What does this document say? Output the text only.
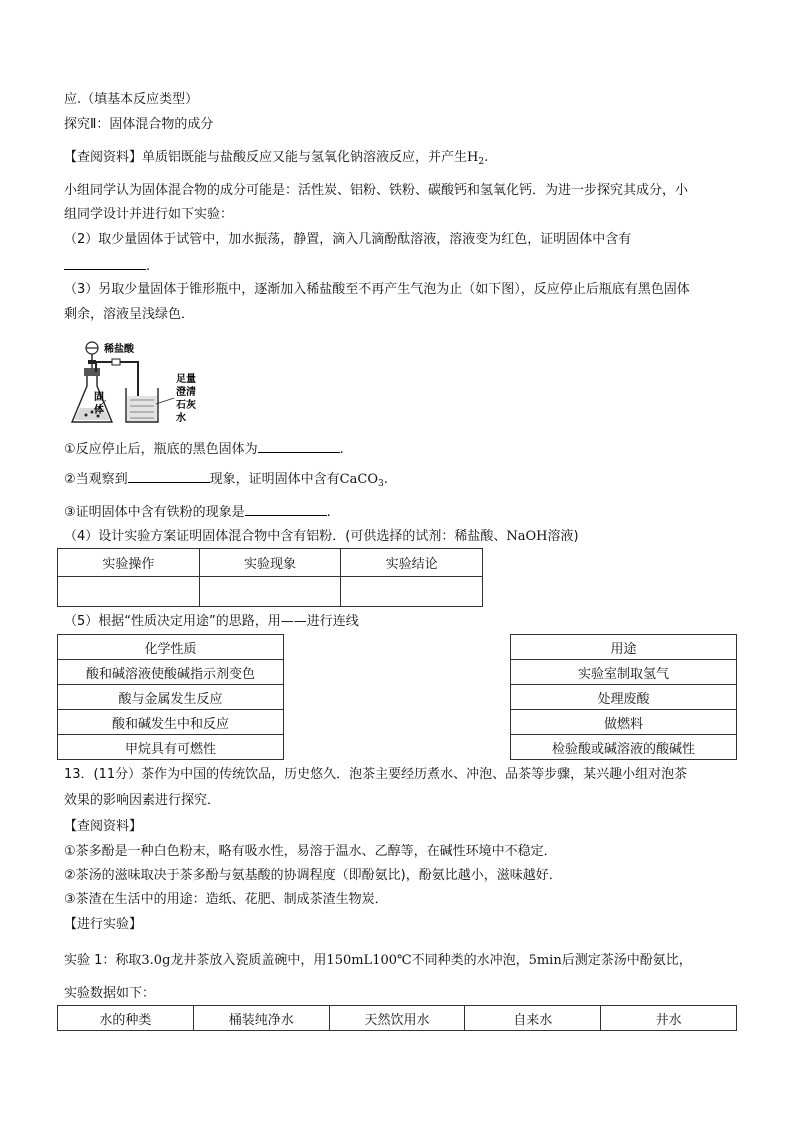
应.（填基本反应类型）
探究Ⅱ：固体混合物的成分
【查阅资料】单质铝既能与盐酸反应又能与氢氧化钠溶液反应，并产生$H_2$.
小组同学认为固体混合物的成分可能是：活性炭、铝粉、铁粉、碳酸钙和氢氧化钙．为进一步探究其成分，小
组同学设计并进行如下实验：
（2）取少量固体于试管中，加水振荡，静置，滴入几滴酚酞溶液，溶液变为红色，证明固体中含有
.
（3）另取少量固体于锥形瓶中，逐渐加入稀盐酸至不再产生气泡为止（如下图），反应停止后瓶底有黑色固体
剩余，溶液呈浅绿色．
稀盐酸
固
体
足量
澄清
石灰
水
①反应停止后，瓶底的黑色固体为	.
②当观察到	现象，证明固体中含有CaCO$_3$.
③证明固体中含有铁粉的现象是	.
（4）设计实验方案证明固体混合物中含有铝粉．(可供选择的试剂：稀盐酸、NaOH溶液)
实验操作	实验现象	实验结论

（5）根据“性质决定用途”的思路，用——进行连线
化学性质
酸和碱溶液使酸碱指示剂变色
酸与金属发生反应
酸和碱发生中和反应
甲烷具有可燃性
用途
实验室制取氢气
处理废酸
做燃料
检验酸或碱溶液的酸碱性
13．(11分）茶作为中国的传统饮品，历史悠久．泡茶主要经历煮水、冲泡、品茶等步骤，某兴趣小组对泡茶
效果的影响因素进行探究．
【查阅资料】
①茶多酚是一种白色粉末，略有吸水性，易溶于温水、乙醇等，在碱性环境中不稳定．
②茶汤的滋味取决于茶多酚与氨基酸的协调程度（即酚氨比)，酚氨比越小，滋味越好．
③茶渣在生活中的用途：造纸、花肥、制成茶渣生物炭．
【进行实验】
实验 1：称取3.0g龙井茶放入瓷质盖碗中，用150mL100℃不同种类的水冲泡，5min后测定茶汤中酚氨比，
实验数据如下：
水的种类	桶装纯净水	天然饮用水	自来水	井水
